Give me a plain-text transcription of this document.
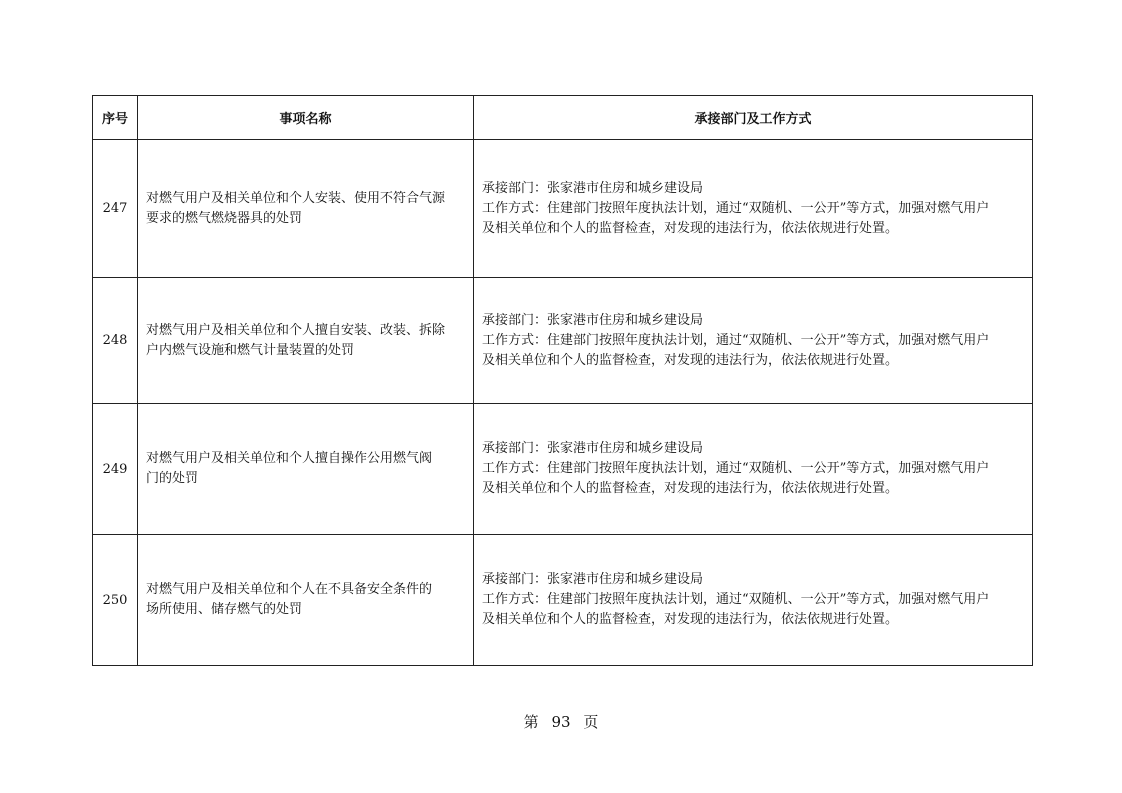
序号	事项名称	承接部门及工作方式
247	对燃气用户及相关单位和个人安装、使用不符合气源
要求的燃气燃烧器具的处罚	承接部门：张家港市住房和城乡建设局
工作方式：住建部门按照年度执法计划，通过“双随机、一公开”等方式，加强对燃气用户
及相关单位和个人的监督检查，对发现的违法行为，依法依规进行处置。

248	对燃气用户及相关单位和个人擅自安装、改装、拆除
户内燃气设施和燃气计量装置的处罚	承接部门：张家港市住房和城乡建设局
工作方式：住建部门按照年度执法计划，通过“双随机、一公开”等方式，加强对燃气用户
及相关单位和个人的监督检查，对发现的违法行为，依法依规进行处置。

249	对燃气用户及相关单位和个人擅自操作公用燃气阀
门的处罚	承接部门：张家港市住房和城乡建设局
工作方式：住建部门按照年度执法计划，通过“双随机、一公开”等方式，加强对燃气用户
及相关单位和个人的监督检查，对发现的违法行为，依法依规进行处置。

250	对燃气用户及相关单位和个人在不具备安全条件的
场所使用、储存燃气的处罚	承接部门：张家港市住房和城乡建设局
工作方式：住建部门按照年度执法计划，通过“双随机、一公开”等方式，加强对燃气用户
及相关单位和个人的监督检查，对发现的违法行为，依法依规进行处置。
第 93 页
